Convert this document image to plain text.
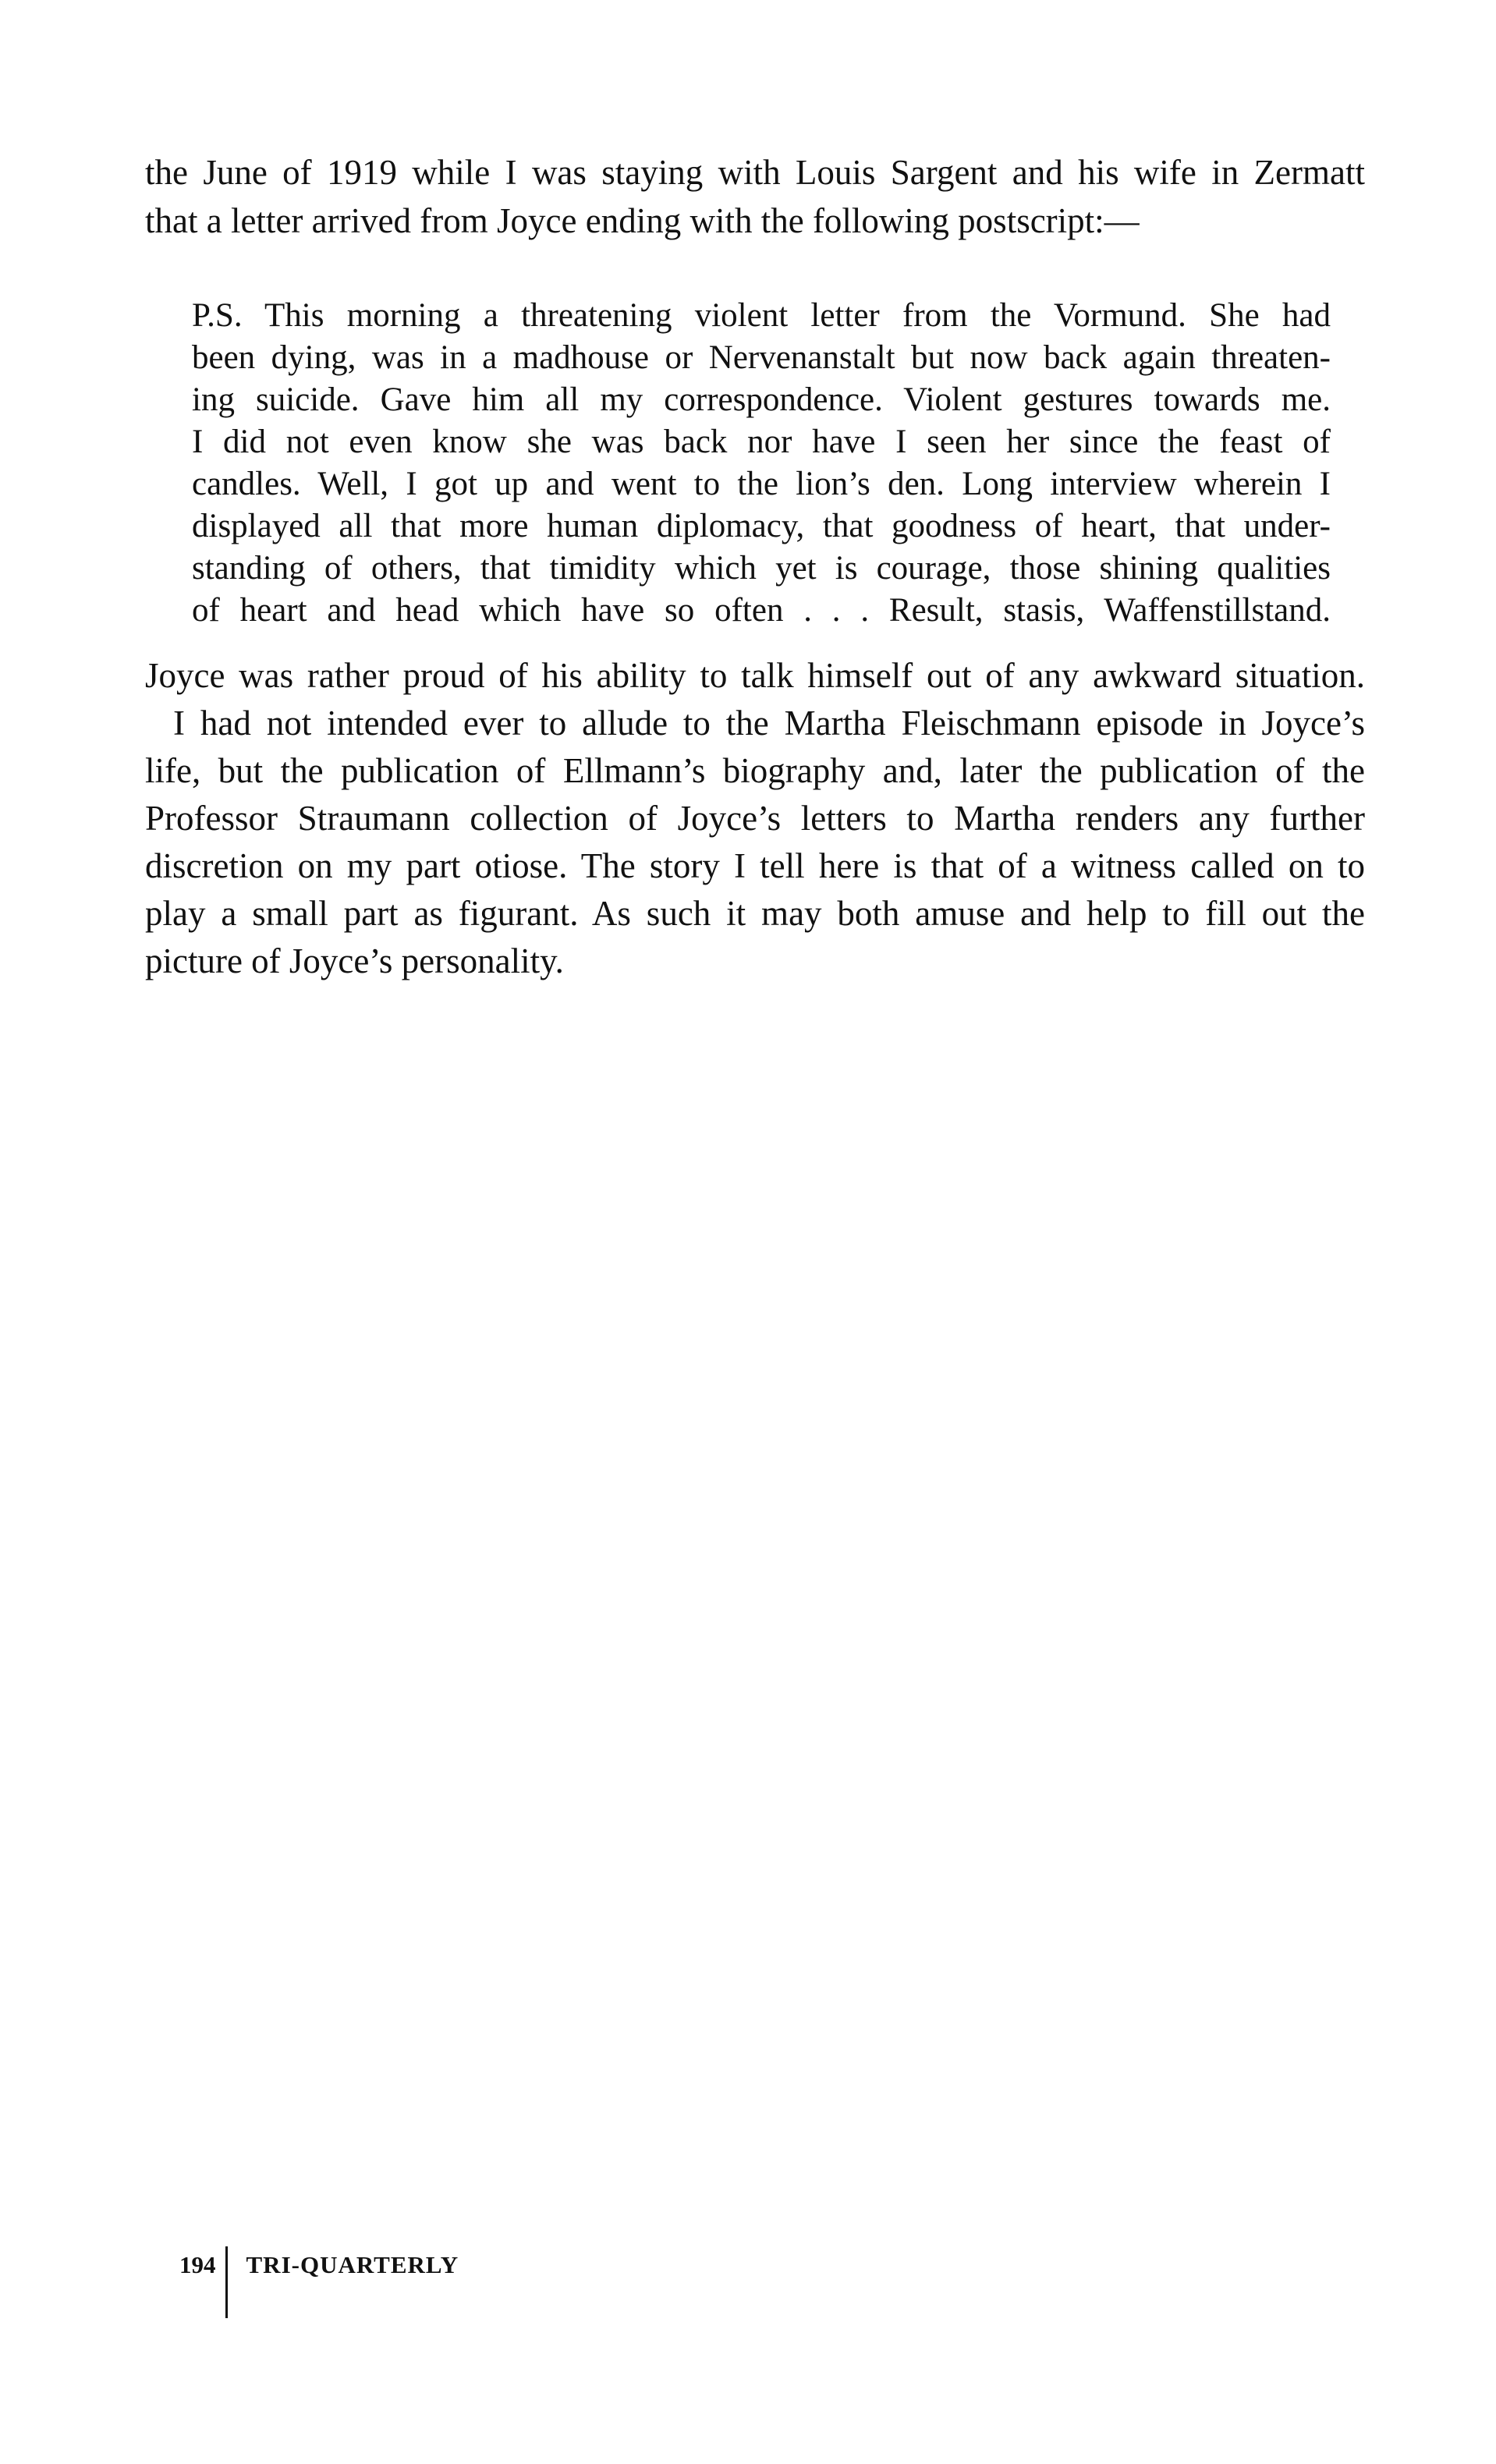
the June of 1919 while I was staying with Louis Sargent and his wife in Zermatt
that a letter arrived from Joyce ending with the following postscript:—
P.S. This morning a threatening violent letter from the Vormund. She had
been dying, was in a madhouse or Nervenanstalt but now back again threaten-
ing suicide. Gave him all my correspondence. Violent gestures towards me.
I did not even know she was back nor have I seen her since the feast of
candles. Well, I got up and went to the lion’s den. Long interview wherein I
displayed all that more human diplomacy, that goodness of heart, that under-
standing of others, that timidity which yet is courage, those shining qualities
of heart and head which have so often . . . Result, stasis, Waffenstillstand.
Joyce was rather proud of his ability to talk himself out of any awkward situation.
I had not intended ever to allude to the Martha Fleischmann episode in Joyce’s
life, but the publication of Ellmann’s biography and, later the publication of the
Professor Straumann collection of Joyce’s letters to Martha renders any further
discretion on my part otiose. The story I tell here is that of a witness called on to
play a small part as figurant. As such it may both amuse and help to fill out the
picture of Joyce’s personality.
194	TRI-QUARTERLY
